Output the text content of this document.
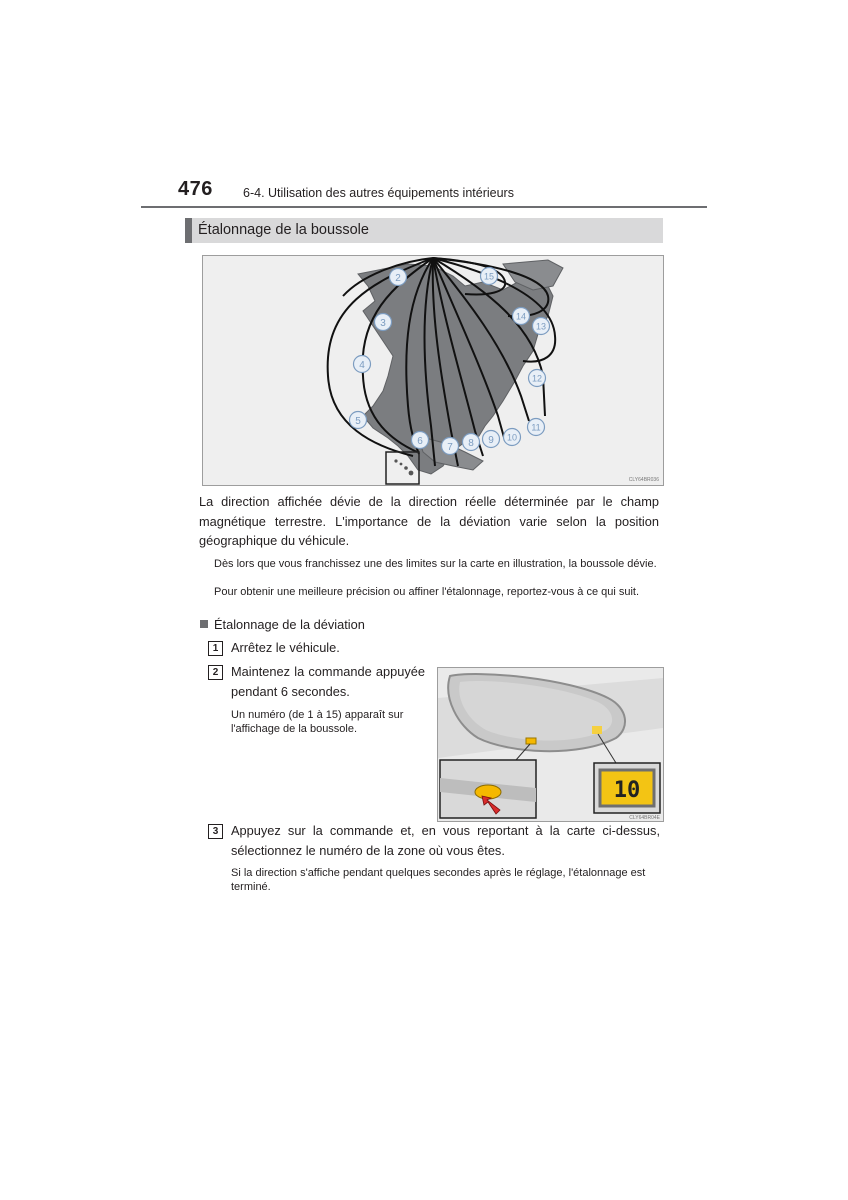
476 6-4. Utilisation des autres équipements intérieurs
Étalonnage de la boussole
2
3
4
5
6
7 8 9 10
11
12
13
14
15
CLY64BR036
La direction affichée dévie de la direction réelle déterminée par le champ magnétique terrestre. L'importance de la déviation varie selon la position géographique du véhicule.
Dès lors que vous franchissez une des limites sur la carte en illustration, la boussole dévie.
Pour obtenir une meilleure précision ou affiner l'étalonnage, reportez-vous à ce qui suit.
Étalonnage de la déviation
1 Arrêtez le véhicule.
2 Maintenez la commande appuyée pendant 6 secondes.
Un numéro (de 1 à 15) apparaît sur l'affichage de la boussole.
10
CLY64BR04E
3 Appuyez sur la commande et, en vous reportant à la carte ci-dessus, sélectionnez le numéro de la zone où vous êtes.
Si la direction s'affiche pendant quelques secondes après le réglage, l'étalonnage est terminé.
